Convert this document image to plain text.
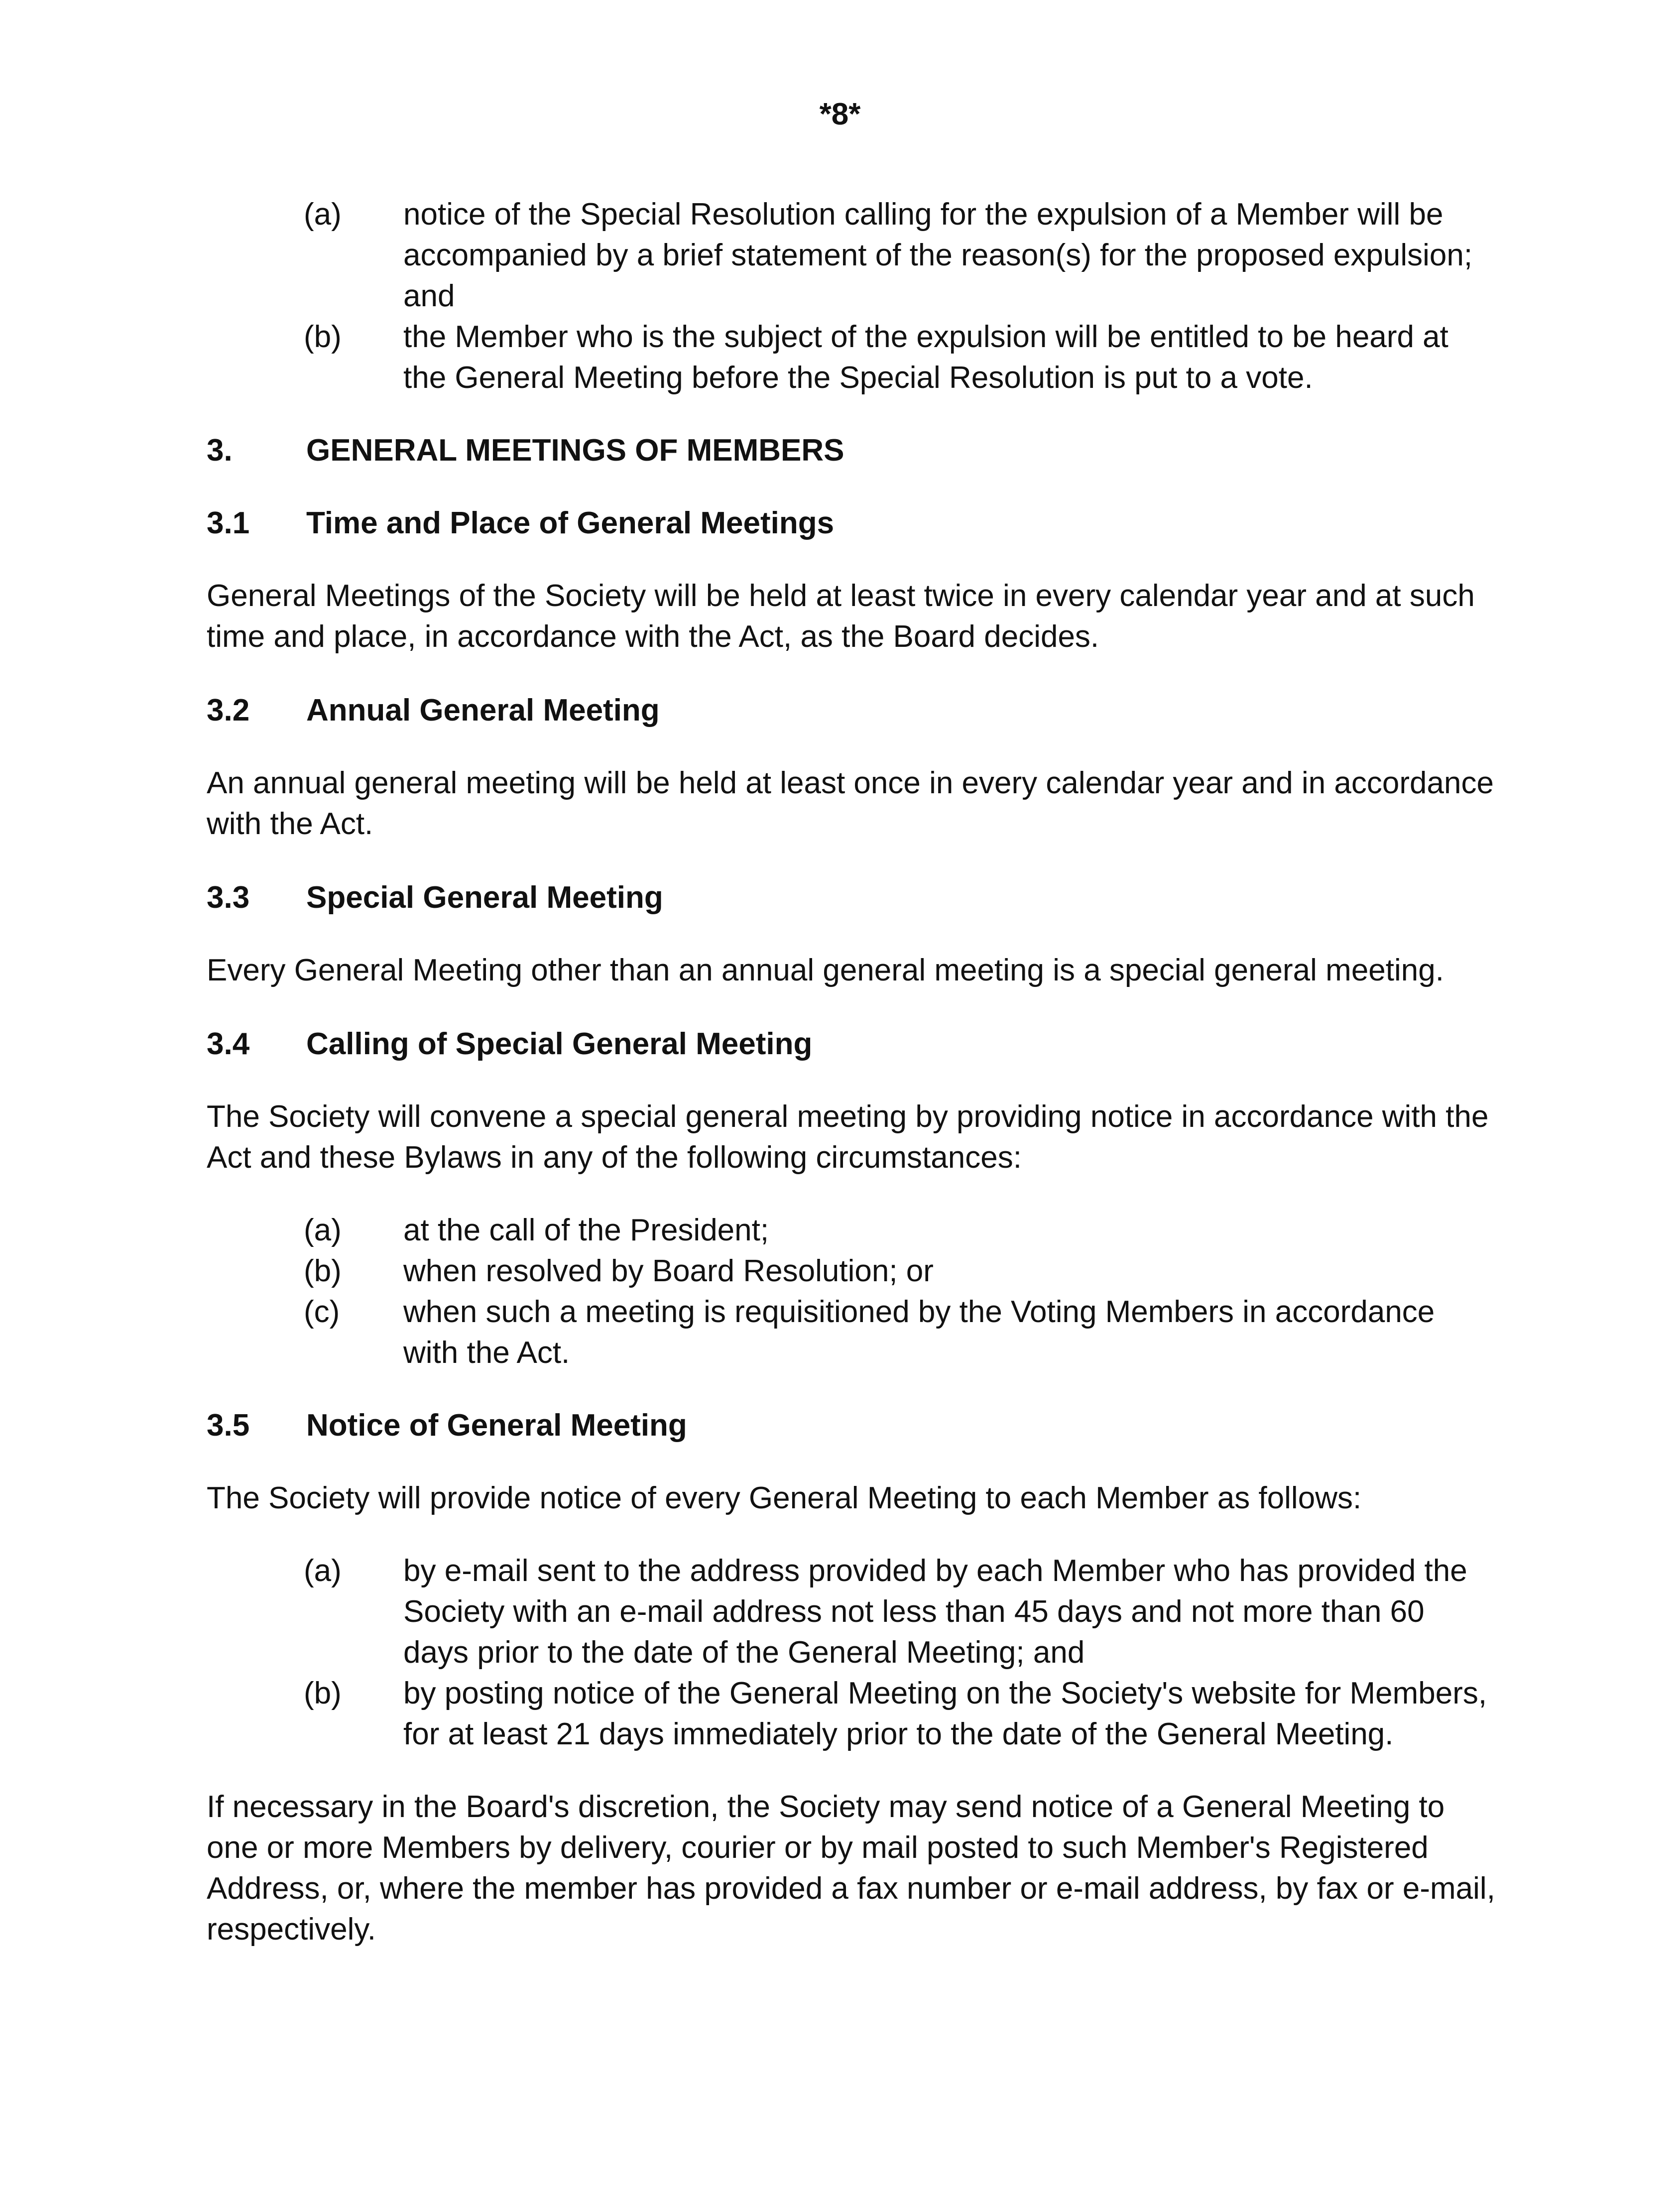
*8*
(a)	notice of the Special Resolution calling for the expulsion of a Member will be accompanied by a brief statement of the reason(s) for the proposed expulsion; and
(b)	the Member who is the subject of the expulsion will be entitled to be heard at the General Meeting before the Special Resolution is put to a vote.
3.	GENERAL MEETINGS OF MEMBERS
3.1	Time and Place of General Meetings

General Meetings of the Society will be held at least twice in every calendar year and at such time and place, in accordance with the Act, as the Board decides.

3.2	Annual General Meeting

An annual general meeting will be held at least once in every calendar year and in accordance with the Act.

3.3	Special General Meeting

Every General Meeting other than an annual general meeting is a special general meeting.

3.4	Calling of Special General Meeting

The Society will convene a special general meeting by providing notice in accordance with the Act and these Bylaws in any of the following circumstances:

(a)	at the call of the President;
(b)	when resolved by Board Resolution; or
(c)	when such a meeting is requisitioned by the Voting Members in accordance with the Act.
3.5	Notice of General Meeting

The Society will provide notice of every General Meeting to each Member as follows:

(a)	by e-mail sent to the address provided by each Member who has provided the Society with an e-mail address not less than 45 days and not more than 60 days prior to the date of the General Meeting; and
(b)	by posting notice of the General Meeting on the Society's website for Members, for at least 21 days immediately prior to the date of the General Meeting.

If necessary in the Board's discretion, the Society may send notice of a General Meeting to one or more Members by delivery, courier or by mail posted to such Member's Registered Address, or, where the member has provided a fax number or e-mail address, by fax or e-mail, respectively.
